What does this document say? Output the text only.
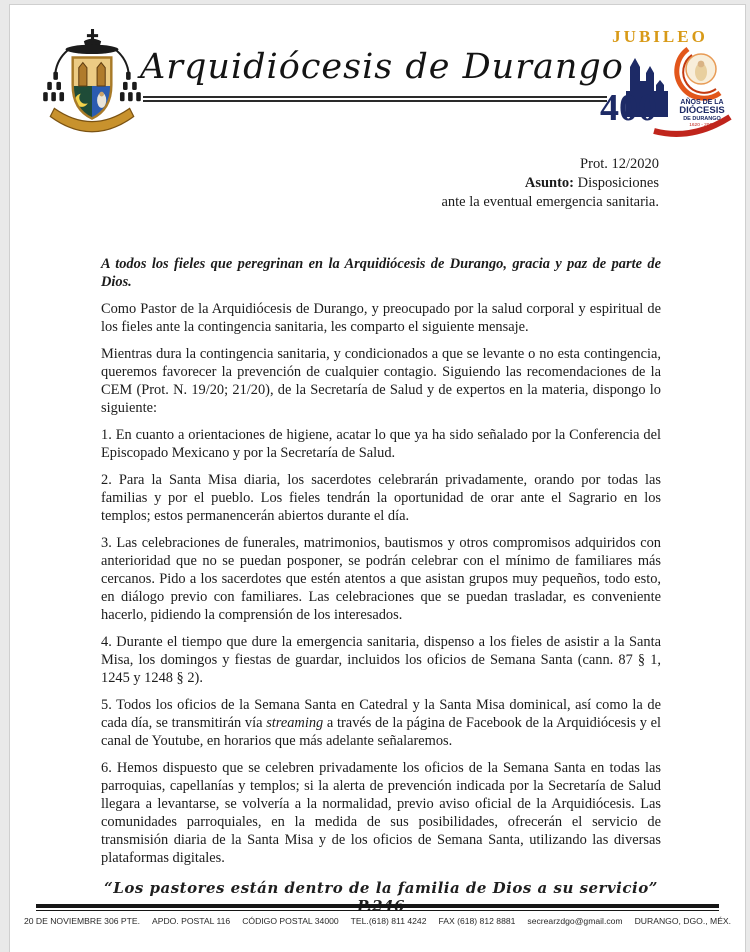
Arquidiócesis de Durango
JUBILEO
400	AÑOS DE LA
DIÓCESIS
DE DURANGO
1620 - 2020
Prot. 12/2020
Asunto: Disposiciones
ante la eventual emergencia sanitaria.

A todos los fieles que peregrinan en la Arquidiócesis de Durango, gracia y paz de parte de Dios.

Como Pastor de la Arquidiócesis de Durango, y preocupado por la salud corporal y espiritual de los fieles ante la contingencia sanitaria, les comparto el siguiente mensaje.

Mientras dura la contingencia sanitaria, y condicionados a que se levante o no esta contingencia, queremos favorecer la prevención de cualquier contagio. Siguiendo las recomendaciones de la CEM (Prot. N. 19/20; 21/20), de la Secretaría de Salud y de expertos en la materia, dispongo lo siguiente:

1. En cuanto a orientaciones de higiene, acatar lo que ya ha sido señalado por la Conferencia del Episcopado Mexicano y por la Secretaría de Salud.

2. Para la Santa Misa diaria, los sacerdotes celebrarán privadamente, orando por todas las familias y por el pueblo. Los fieles tendrán la oportunidad de orar ante el Sagrario en los templos; estos permanencerán abiertos durante el día.

3. Las celebraciones de funerales, matrimonios, bautismos y otros compromisos adquiridos con anterioridad que no se puedan posponer, se podrán celebrar con el mínimo de familiares más cercanos. Pido a los sacerdotes que estén atentos a que asistan grupos muy pequeños, todo esto, en diálogo previo con familiares. Las celebraciones que se puedan trasladar, es conveniente hacerlo, pidiendo la comprensión de los interesados.

4. Durante el tiempo que dure la emergencia sanitaria, dispenso a los fieles de asistir a la Santa Misa, los domingos y fiestas de guardar, incluidos los oficios de Semana Santa (cann. 87 § 1, 1245 y 1248 § 2).

5. Todos los oficios de la Semana Santa en Catedral y la Santa Misa dominical, así como la de cada día, se transmitirán vía streaming a través de la página de Facebook de la Arquidiócesis y el canal de Youtube, en horarios que más adelante señalaremos.

6. Hemos dispuesto que se celebren privadamente los oficios de la Semana Santa en todas las parroquias, capellanías y templos; si la alerta de prevención indicada por la Secretaría de Salud llegara a levantarse, se volvería a la normalidad, previo aviso oficial de la Arquidiócesis. Las comunidades parroquiales, en la medida de sus posibilidades, ofrecerán el servicio de transmisión diaria de la Santa Misa y de los oficios de Semana Santa, utilizando las diversas plataformas digitales.

“Los pastores están dentro de la familia de Dios a su servicio” P.246
20 DE NOVIEMBRE 306 PTE. APDO. POSTAL 116 CÓDIGO POSTAL 34000 TEL.(618) 811 4242 FAX (618) 812 8881 secrearzdgo@gmail.com DURANGO, DGO., MÉX.
